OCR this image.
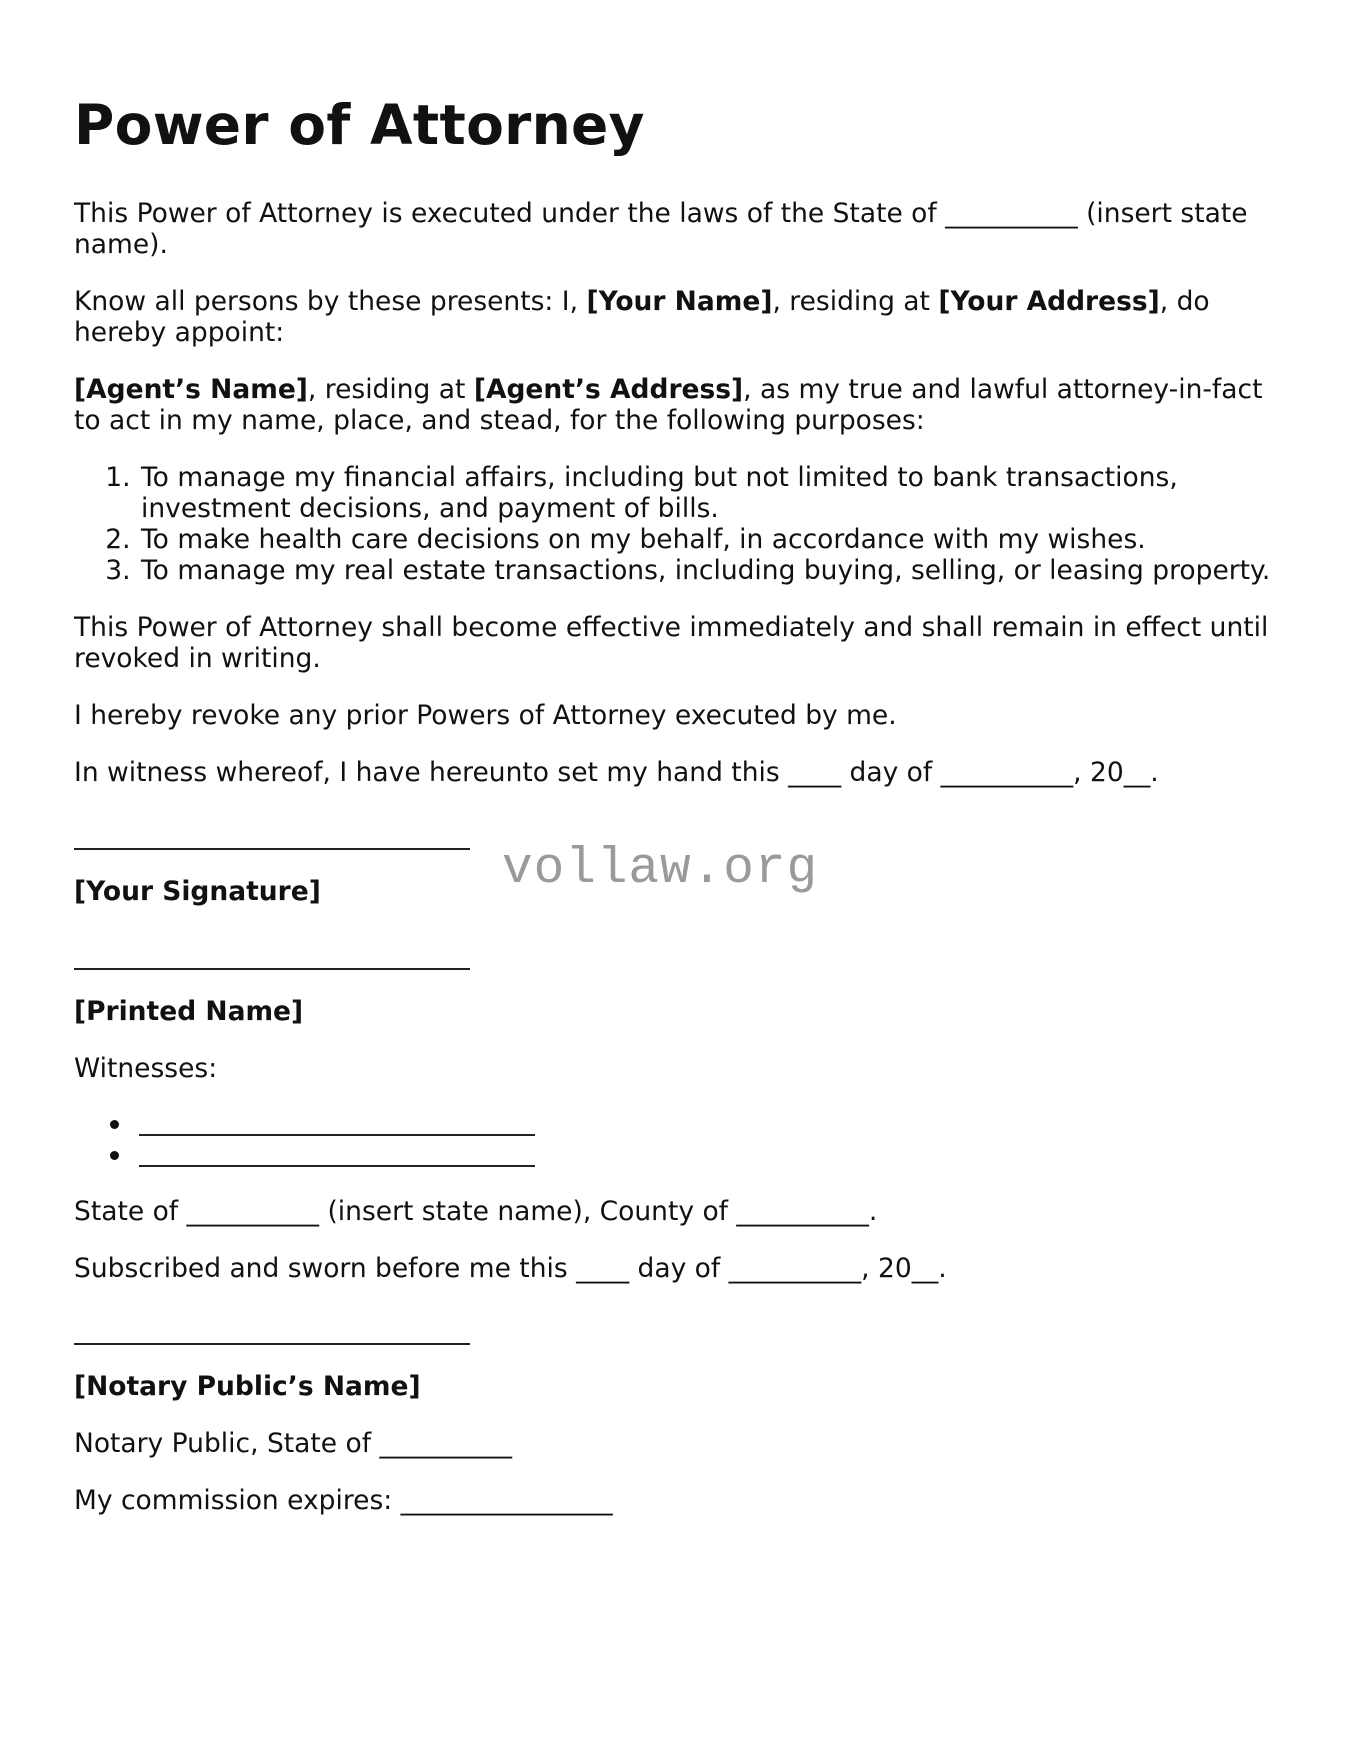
Power of Attorney

This Power of Attorney is executed under the laws of the State of __________ (insert state name).

Know all persons by these presents: I, [Your Name], residing at [Your Address], do hereby appoint:

[Agent’s Name], residing at [Agent’s Address], as my true and lawful attorney-in-fact to act in my name, place, and stead, for the following purposes:

1. To manage my financial affairs, including but not limited to bank transactions, investment decisions, and payment of bills.
2. To make health care decisions on my behalf, in accordance with my wishes.
3. To manage my real estate transactions, including buying, selling, or leasing property.

This Power of Attorney shall become effective immediately and shall remain in effect until revoked in writing.

I hereby revoke any prior Powers of Attorney executed by me.

In witness whereof, I have hereunto set my hand this ____ day of __________, 20__.

[Your Signature]

[Printed Name]

Witnesses:

State of __________ (insert state name), County of __________.

Subscribed and sworn before me this ____ day of __________, 20__.

[Notary Public’s Name]

Notary Public, State of __________

My commission expires: ________________

vollaw.org
